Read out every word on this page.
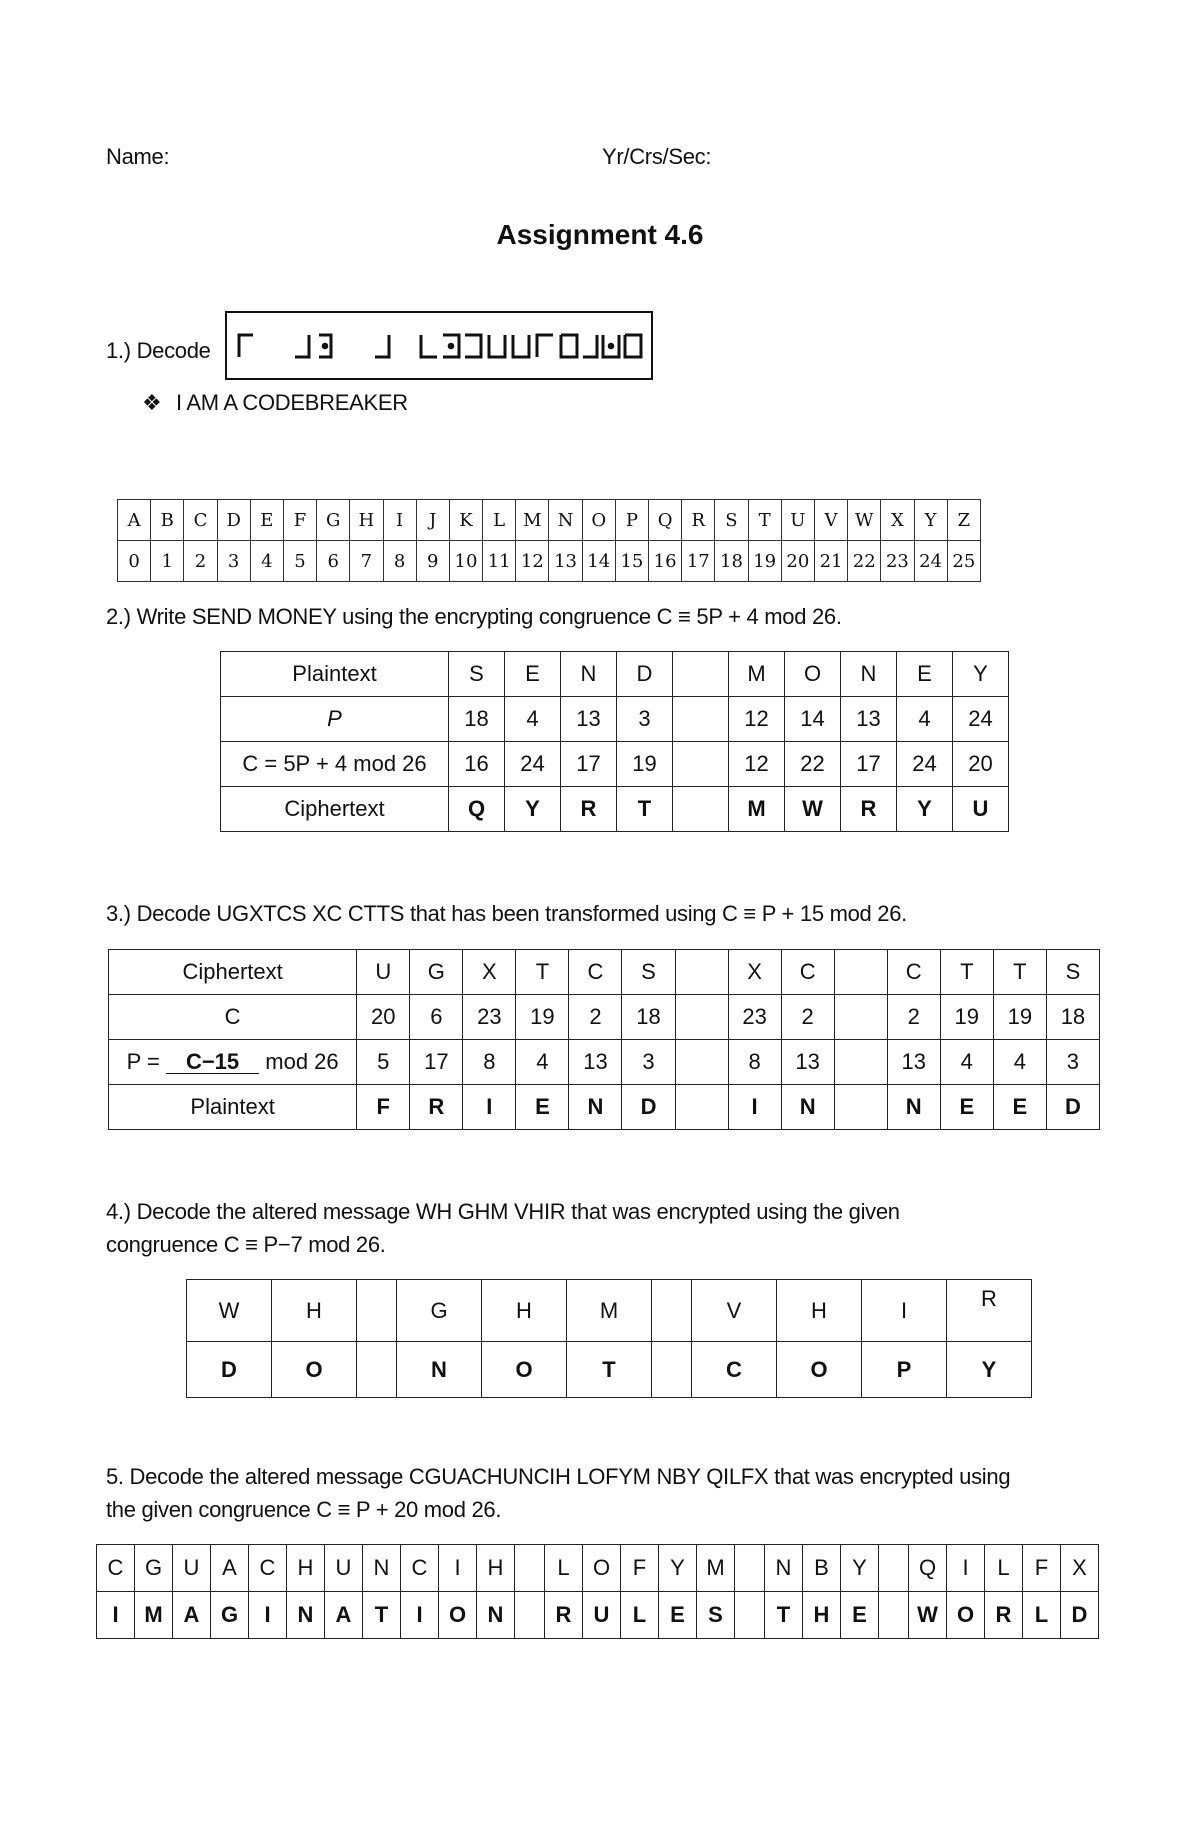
Name:	Yr/Crs/Sec:
Assignment 4.6
1.) Decode
❖ I AM A CODEBREAKER
A	B	C	D	E	F	G	H	I	J	K	L	M	N	O	P	Q	R	S	T	U	V	W	X	Y	Z
0	1	2	3	4	5	6	7	8	9	10	11	12	13	14	15	16	17	18	19	20	21	22	23	24	25
2.) Write SEND MONEY using the encrypting congruence C ≡ 5P + 4 mod 26.
Plaintext	S	E	N	D		M	O	N	E	Y
P	18	4	13	3		12	14	13	4	24
C = 5P + 4 mod 26	16	24	17	19		12	22	17	24	20
Ciphertext	Q	Y	R	T		M	W	R	Y	U
3.) Decode UGXTCS XC CTTS that has been transformed using C ≡ P + 15 mod 26.
Ciphertext	U	G	X	T	C	S		X	C		C	T	T	S
C	20	6	23	19	2	18		23	2		2	19	19	18
P = C−15 mod 26	5	17	8	4	13	3		8	13		13	4	4	3
Plaintext	F	R	I	E	N	D		I	N		N	E	E	D
4.) Decode the altered message WH GHM VHIR that was encrypted using the given
congruence C ≡ P−7 mod 26.
W	H		G	H	M		V	H	I	R
D	O		N	O	T		C	O	P	Y
5. Decode the altered message CGUACHUNCIH LOFYM NBY QILFX that was encrypted using
the given congruence C ≡ P + 20 mod 26.
C	G	U	A	C	H	U	N	C	I	H		L	O	F	Y	M		N	B	Y		Q	I	L	F	X
I	M	A	G	I	N	A	T	I	O	N		R	U	L	E	S		T	H	E		W	O	R	L	D
